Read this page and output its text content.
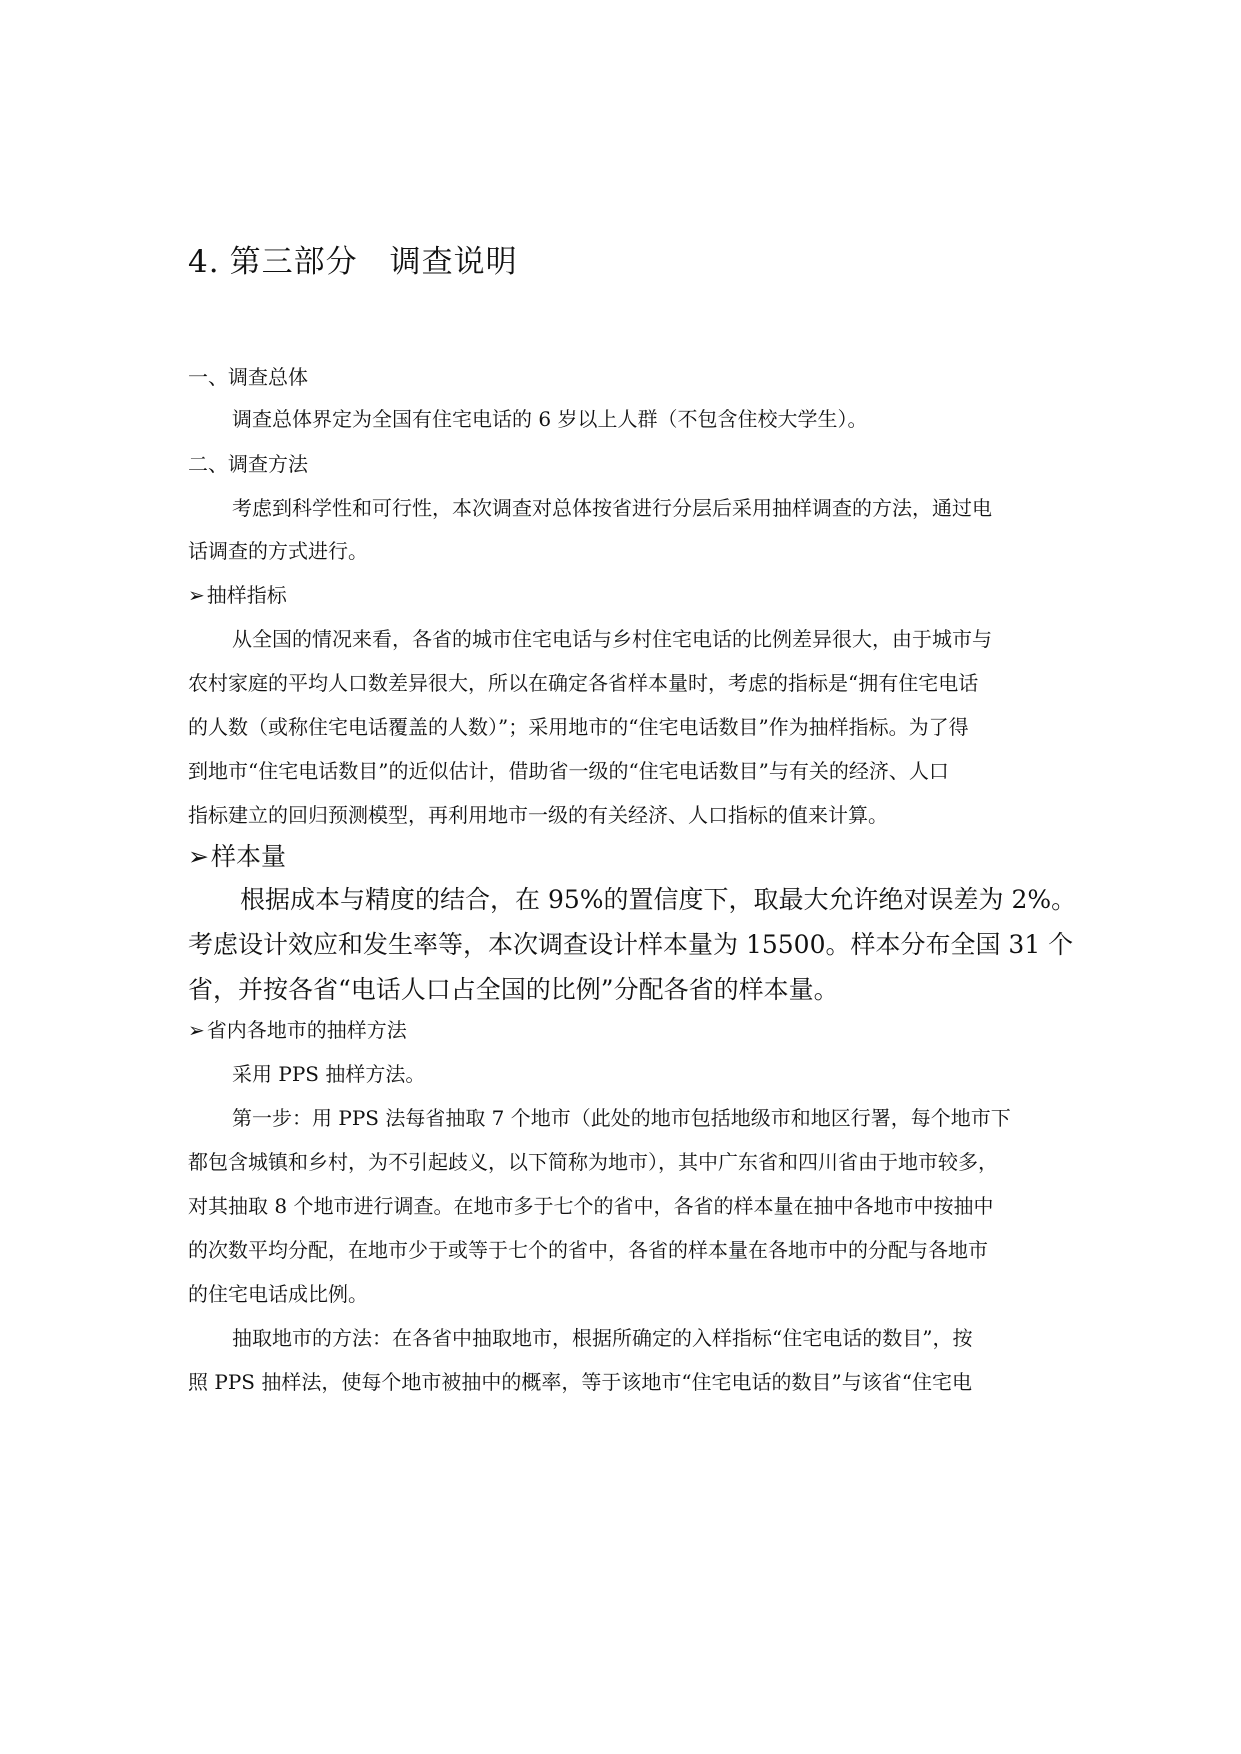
4. 第三部分 调查说明
一、调查总体
调查总体界定为全国有住宅电话的 6 岁以上人群（不包含住校大学生）。
二、调查方法
考虑到科学性和可行性，本次调查对总体按省进行分层后采用抽样调查的方法，通过电
话调查的方式进行。
➢ 抽样指标
从全国的情况来看，各省的城市住宅电话与乡村住宅电话的比例差异很大，由于城市与
农村家庭的平均人口数差异很大，所以在确定各省样本量时，考虑的指标是“拥有住宅电话
的人数（或称住宅电话覆盖的人数）”；采用地市的“住宅电话数目”作为抽样指标。为了得
到地市“住宅电话数目”的近似估计，借助省一级的“住宅电话数目”与有关的经济、人口
指标建立的回归预测模型，再利用地市一级的有关经济、人口指标的值来计算。
➢样本量
根据成本与精度的结合，在 95%的置信度下，取最大允许绝对误差为 2%。
考虑设计效应和发生率等，本次调查设计样本量为 15500。样本分布全国 31 个
省，并按各省“电话人口占全国的比例”分配各省的样本量。
➢ 省内各地市的抽样方法
采用 PPS 抽样方法。
第一步：用 PPS 法每省抽取 7 个地市（此处的地市包括地级市和地区行署，每个地市下
都包含城镇和乡村，为不引起歧义，以下简称为地市），其中广东省和四川省由于地市较多，
对其抽取 8 个地市进行调查。在地市多于七个的省中，各省的样本量在抽中各地市中按抽中
的次数平均分配，在地市少于或等于七个的省中，各省的样本量在各地市中的分配与各地市
的住宅电话成比例。
抽取地市的方法：在各省中抽取地市，根据所确定的入样指标“住宅电话的数目”，按
照 PPS 抽样法，使每个地市被抽中的概率，等于该地市“住宅电话的数目”与该省“住宅电
